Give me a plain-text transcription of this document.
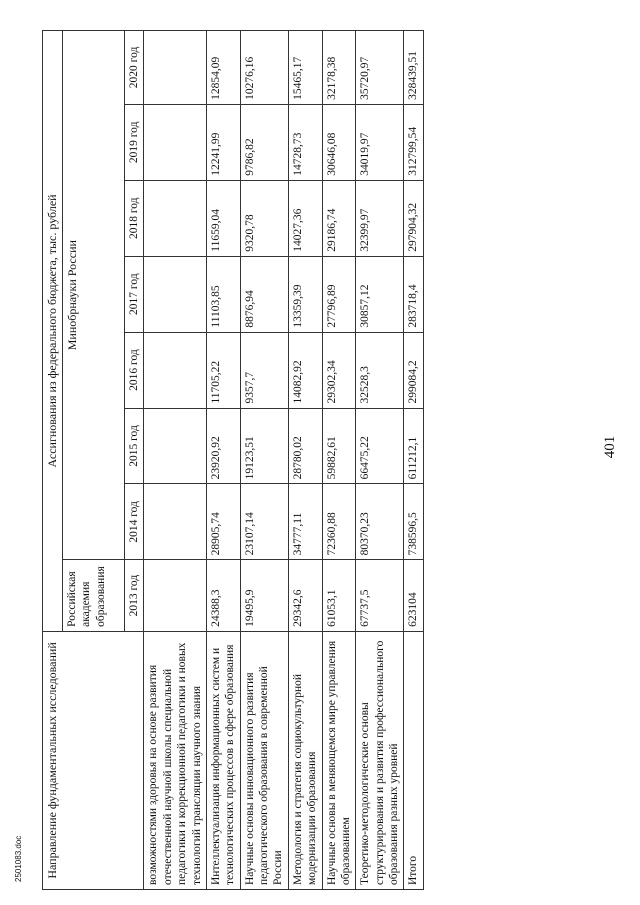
2501083.doc
401
Направление фундаментальных исследований	Ассигнования из федерального бюджета, тыс. рублей							
	Российская академия образования	Минобрнауки России						
	2013 год	2014 год	2015 год	2016 год	2017 год	2018 год	2019 год	2020 год
возможностями здоровья на основе развития отечественной научной школы специальной педагогики и коррекционной педагогики и новых технологий трансляции научного знания								
Интеллектуализация информационных систем и технологических процессов в сфере образования	24388,3	28905,74	23920,92	11705,22	11103,85	11659,04	12241,99	12854,09
Научные основы инновационного развития педагогического образования в современной России	19495,9	23107,14	19123,51	9357,7	8876,94	9320,78	9786,82	10276,16
Методология и стратегия социокультурной модернизации образования	29342,6	34777,11	28780,02	14082,92	13359,39	14027,36	14728,73	15465,17
Научные основы в меняющемся мире управления образованием	61053,1	72360,88	59882,61	29302,34	27796,89	29186,74	30646,08	32178,38
Теоретико-методологические основы структурирования и развития профессионального образования разных уровней	67737,5	80370,23	66475,22	32528,3	30857,12	32399,97	34019,97	35720,97
Итого	623104	738596,5	611212,1	299084,2	283718,4	297904,32	312799,54	328439,51
